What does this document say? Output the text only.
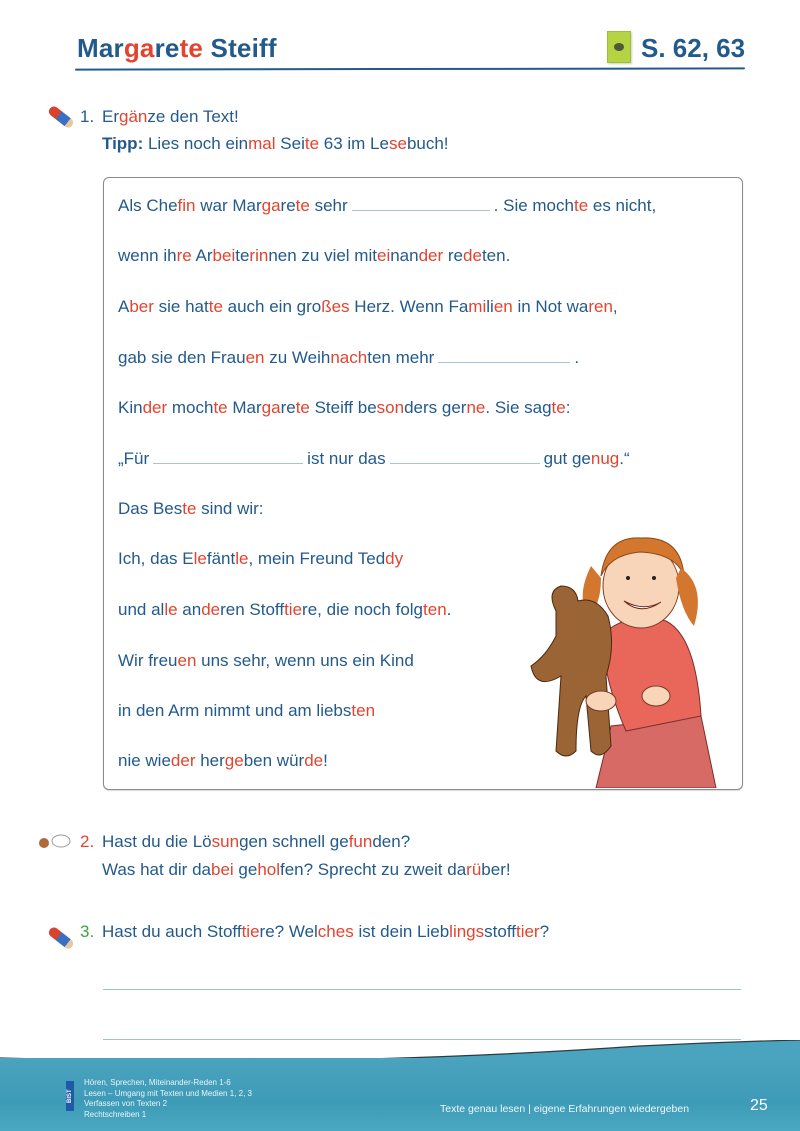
Margarete Steiff	S. 62, 63
1. Ergänze den Text!
Tipp: Lies noch einmal Seite 63 im Lesebuch!
Als Chefin war Margarete sehr	. Sie mochte es nicht,
wenn ihre Arbeiterinnen zu viel miteinander redeten.
Aber sie hatte auch ein großes Herz. Wenn Familien in Not waren,
gab sie den Frauen zu Weihnachten mehr	.
Kinder mochte Margarete Steiff besonders gerne. Sie sagte:
„Für	ist nur das	gut genug.“
Das Beste sind wir:
Ich, das Elefäntle, mein Freund Teddy
und alle anderen Stofftiere, die noch folgten.
Wir freuen uns sehr, wenn uns ein Kind
in den Arm nimmt und am liebsten
nie wieder hergeben würde!
2. Hast du die Lösungen schnell gefunden?
Was hat dir dabei geholfen? Sprecht zu zweit darüber!
3. Hast du auch Stofftiere? Welches ist dein Lieblingsstofftier?
BIST
Hören, Sprechen, Miteinander-Reden 1-6
Lesen – Umgang mit Texten und Medien 1, 2, 3
Verfassen von Texten 2
Rechtschreiben 1	Texte genau lesen | eigene Erfahrungen wiedergeben	25
